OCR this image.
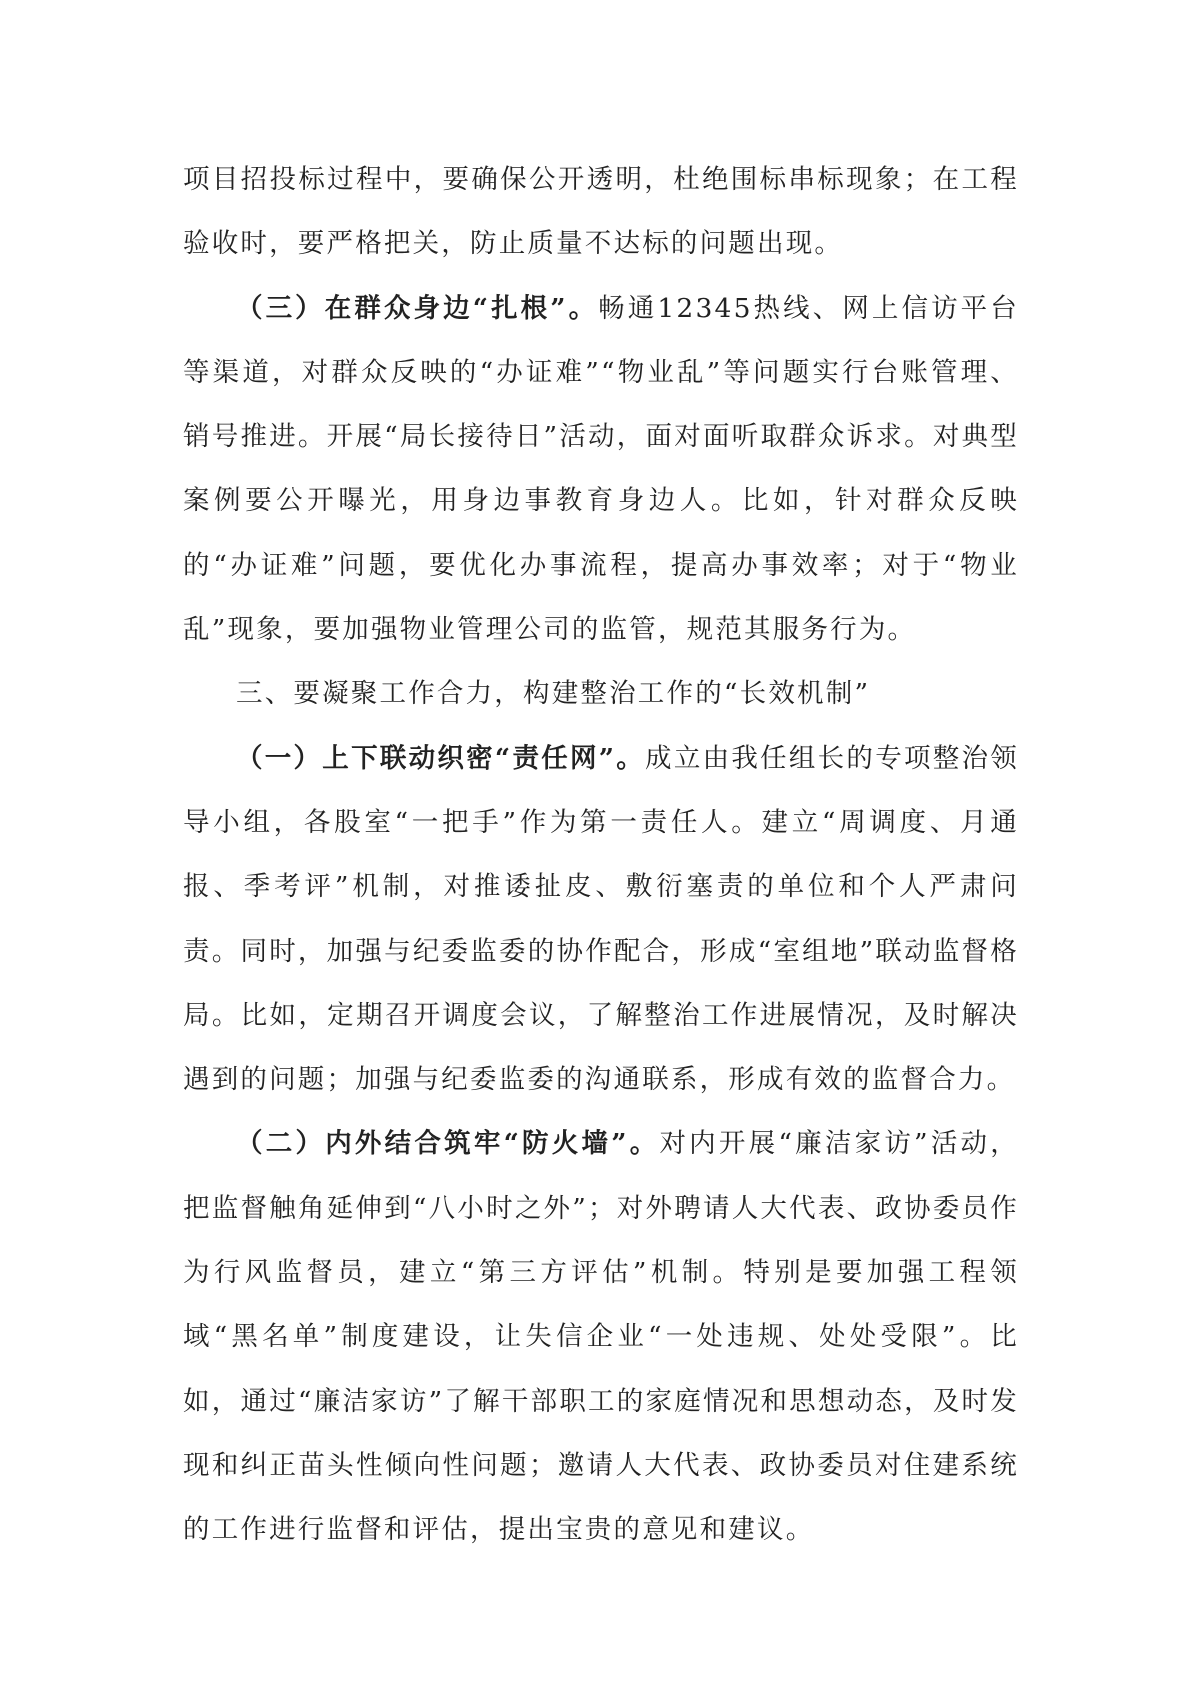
项目招投标过程中，要确保公开透明，杜绝围标串标现象；在工程验收时，要严格把关，防止质量不达标的问题出现。

（三）在群众身边“扎根”。畅通12345热线、网上信访平台等渠道，对群众反映的“办证难”“物业乱”等问题实行台账管理、销号推进。开展“局长接待日”活动，面对面听取群众诉求。对典型案例要公开曝光，用身边事教育身边人。比如，针对群众反映的“办证难”问题，要优化办事流程，提高办事效率；对于“物业乱”现象，要加强物业管理公司的监管，规范其服务行为。

三、要凝聚工作合力，构建整治工作的“长效机制”

（一）上下联动织密“责任网”。成立由我任组长的专项整治领导小组，各股室“一把手”作为第一责任人。建立“周调度、月通报、季考评”机制，对推诿扯皮、敷衍塞责的单位和个人严肃问责。同时，加强与纪委监委的协作配合，形成“室组地”联动监督格局。比如，定期召开调度会议，了解整治工作进展情况，及时解决遇到的问题；加强与纪委监委的沟通联系，形成有效的监督合力。

（二）内外结合筑牢“防火墙”。对内开展“廉洁家访”活动，把监督触角延伸到“八小时之外”；对外聘请人大代表、政协委员作为行风监督员，建立“第三方评估”机制。特别是要加强工程领域“黑名单”制度建设，让失信企业“一处违规、处处受限”。比如，通过“廉洁家访”了解干部职工的家庭情况和思想动态，及时发现和纠正苗头性倾向性问题；邀请人大代表、政协委员对住建系统的工作进行监督和评估，提出宝贵的意见和建议。
